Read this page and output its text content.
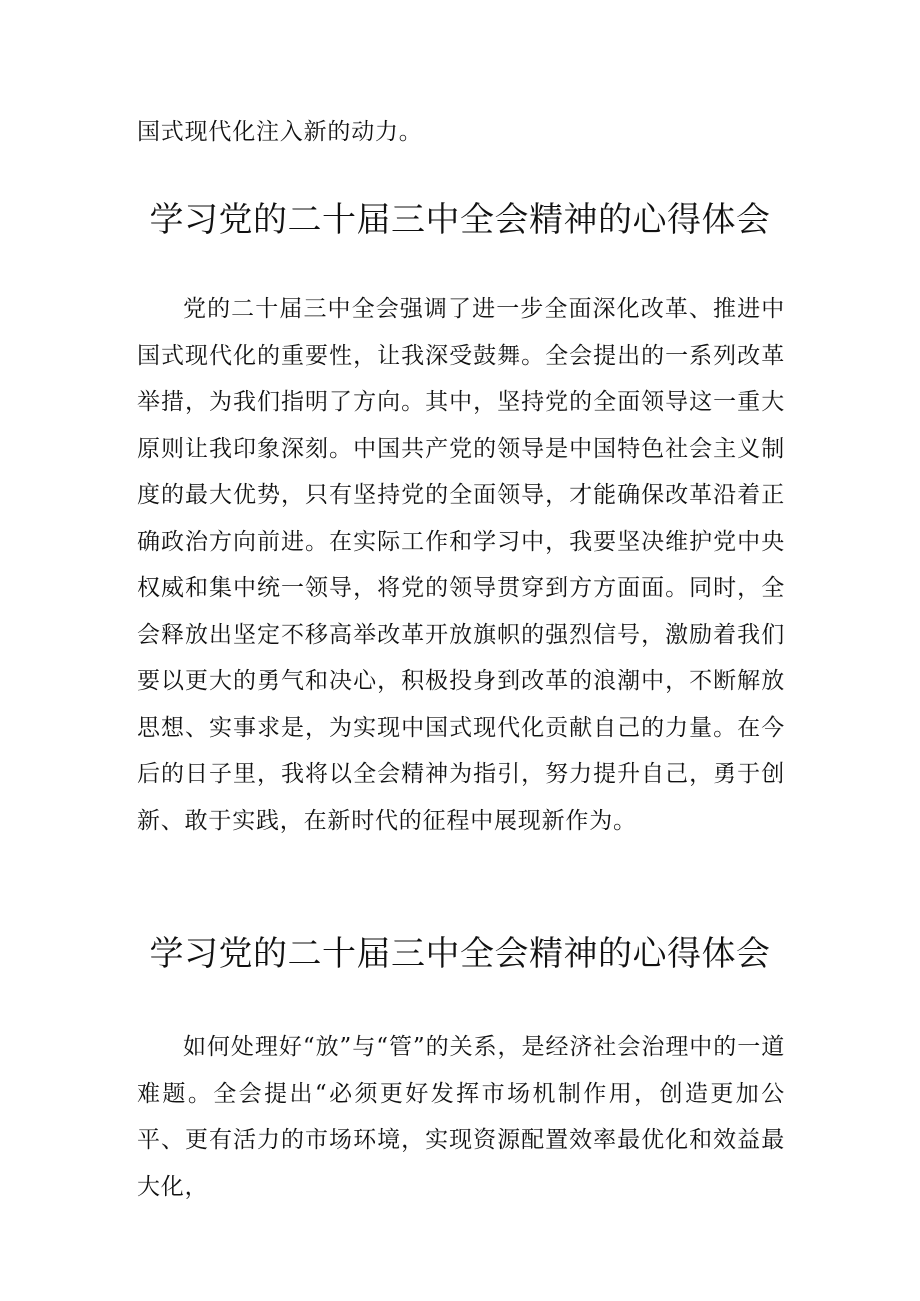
国式现代化注入新的动力。
学习党的二十届三中全会精神的心得体会
党的二十届三中全会强调了进一步全面深化改革、推进中国式现代化的重要性，让我深受鼓舞。全会提出的一系列改革举措，为我们指明了方向。其中，坚持党的全面领导这一重大原则让我印象深刻。中国共产党的领导是中国特色社会主义制度的最大优势，只有坚持党的全面领导，才能确保改革沿着正确政治方向前进。在实际工作和学习中，我要坚决维护党中央权威和集中统一领导，将党的领导贯穿到方方面面。同时，全会释放出坚定不移高举改革开放旗帜的强烈信号，激励着我们要以更大的勇气和决心，积极投身到改革的浪潮中，不断解放思想、实事求是，为实现中国式现代化贡献自己的力量。在今后的日子里，我将以全会精神为指引，努力提升自己，勇于创新、敢于实践，在新时代的征程中展现新作为。
学习党的二十届三中全会精神的心得体会
如何处理好“放”与“管”的关系，是经济社会治理中的一道难题。全会提出“必须更好发挥市场机制作用，创造更加公平、更有活力的市场环境，实现资源配置效率最优化和效益最大化，
